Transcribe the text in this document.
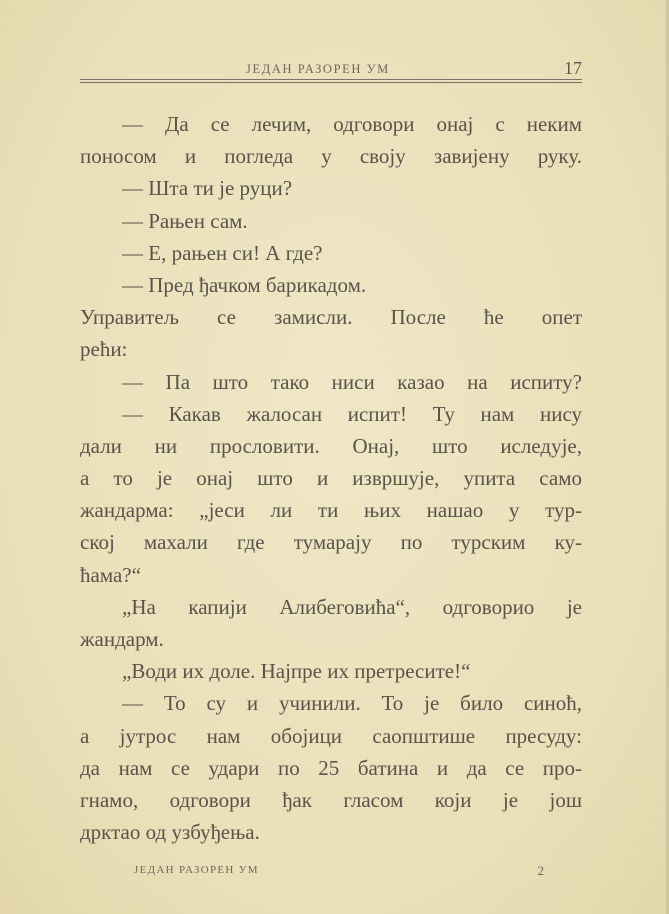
ЈЕДАН РАЗОРЕН УМ	17
— Да се лечим, одговори онај с неким
поносом и погледа у своју завијену руку.
— Шта ти је руци?
— Рањен сам.
— Е, рањен си! А где?
— Пред ђачком барикадом.
Управитељ се замисли. После ће опет
рећи:
— Па што тако ниси казао на испиту?
— Какав жалосан испит! Ту нам нису
дали ни прословити. Онај, што иследује,
а то је онај што и извршује, упита само
жандарма: „јеси ли ти њих нашао у тур-
ској махали где тумарају по турским ку-
ћама?“
„На капији Алибеговића“, одговорио је
жандарм.
„Води их доле. Најпре их претресите!“
— То су и учинили. То је било синоћ,
а јутрос нам обојици саопштише пресуду:
да нам се удари по 25 батина и да се про-
гнамо, одговори ђак гласом који је још
дрктао од узбуђења.
ЈЕДАН РАЗОРЕН УМ	2
